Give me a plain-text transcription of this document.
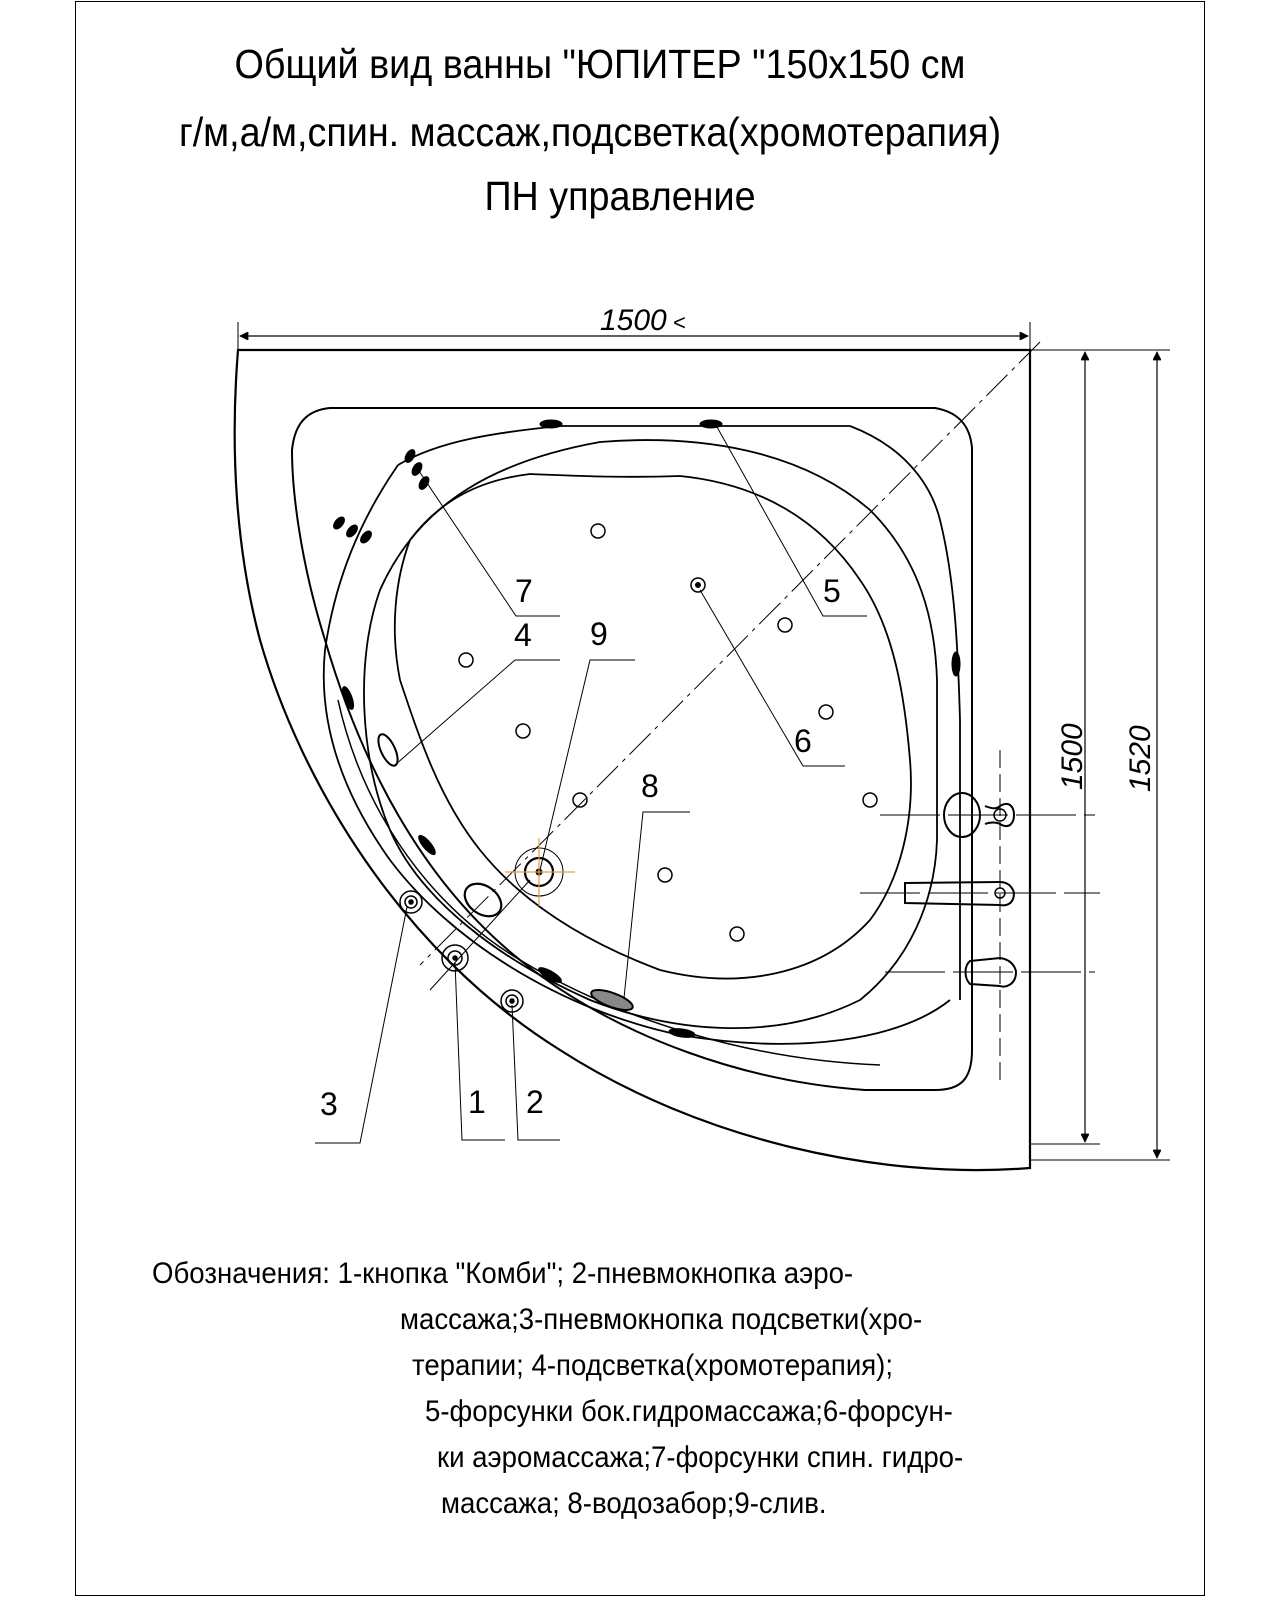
Общий вид ванны "ЮПИТЕР "150x150 см
г/м,а/м,спин. массаж,подсветка(хромотерапия)
ПН управление
1500 <
1500 1520
1 2
3
4
5
6
7
8
9
Обозначения: 1-кнопка "Комби"; 2-пневмокнопка аэро-
массажа;3-пневмокнопка подсветки(хро-
терапии; 4-подсветка(хромотерапия);
5-форсунки бок.гидромассажа;6-форсун-
ки аэромассажа;7-форсунки спин. гидро-
массажа; 8-водозабор;9-слив.
